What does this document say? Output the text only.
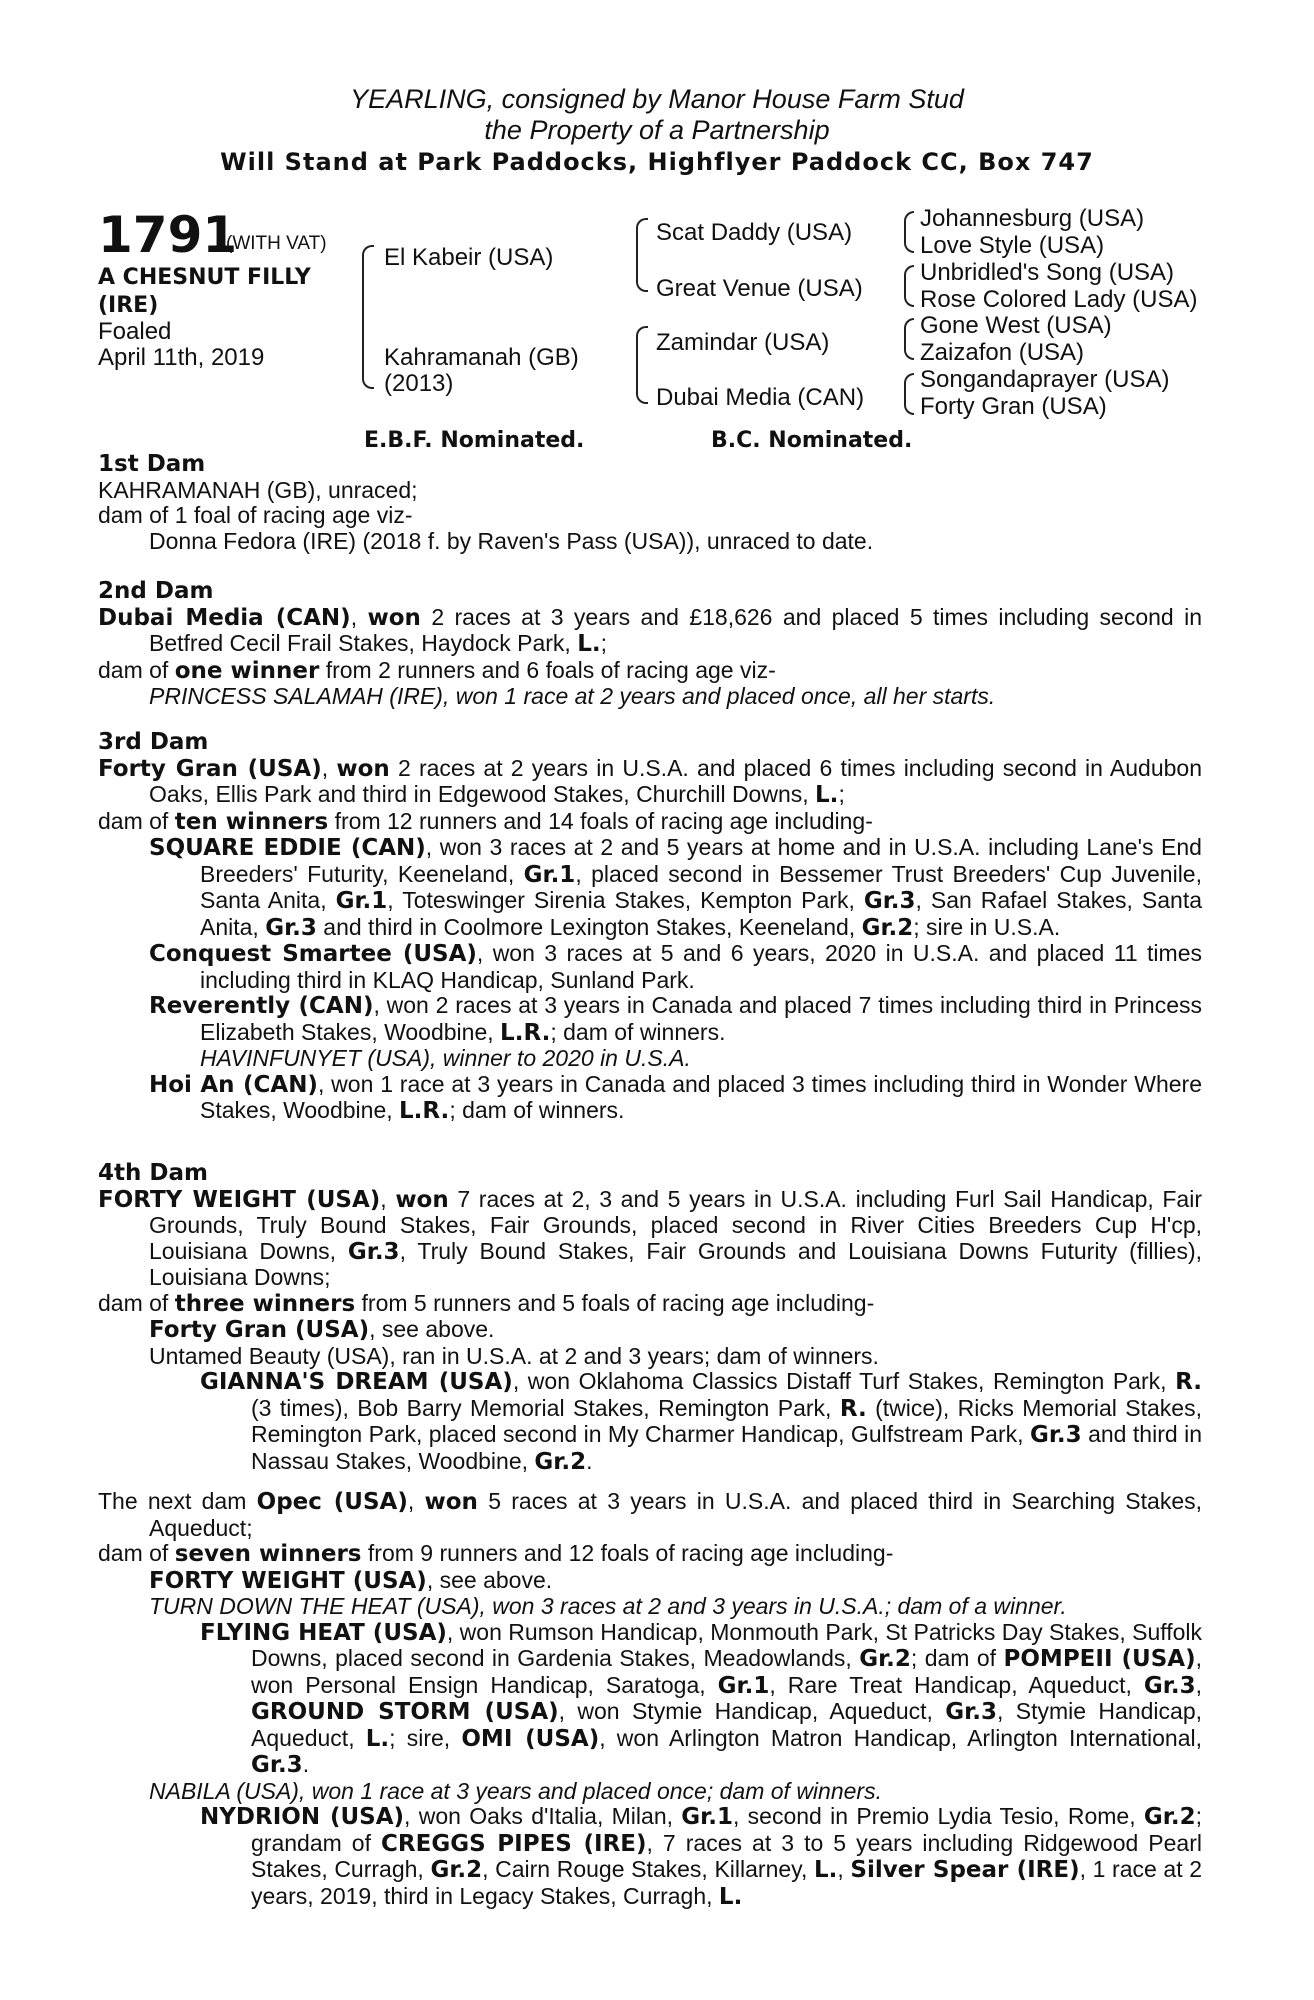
YEARLING, consigned by Manor House Farm Stud
the Property of a Partnership
Will Stand at Park Paddocks, Highflyer Paddock CC, Box 747
1791
(WITH VAT)
A CHESNUT FILLY
(IRE)
Foaled
April 11th, 2019
El Kabeir (USA)
Kahramanah (GB)
(2013)
Scat Daddy (USA)
Great Venue (USA)
Zamindar (USA)
Dubai Media (CAN)
Johannesburg (USA)
Love Style (USA)
Unbridled's Song (USA)
Rose Colored Lady (USA)
Gone West (USA)
Zaizafon (USA)
Songandaprayer (USA)
Forty Gran (USA)
E.B.F. Nominated.	B.C. Nominated.

1st Dam

KAHRAMANAH (GB), unraced;

dam of 1 foal of racing age viz-

Donna Fedora (IRE) (2018 f. by Raven's Pass (USA)), unraced to date.

2nd Dam

Dubai Media (CAN), won 2 races at 3 years and £18,626 and placed 5 times including second in Betfred Cecil Frail Stakes, Haydock Park, L.;

dam of one winner from 2 runners and 6 foals of racing age viz-

PRINCESS SALAMAH (IRE), won 1 race at 2 years and placed once, all her starts.

3rd Dam

Forty Gran (USA), won 2 races at 2 years in U.S.A. and placed 6 times including second in Audubon Oaks, Ellis Park and third in Edgewood Stakes, Churchill Downs, L.;

dam of ten winners from 12 runners and 14 foals of racing age including-

SQUARE EDDIE (CAN), won 3 races at 2 and 5 years at home and in U.S.A. including Lane's End Breeders' Futurity, Keeneland, Gr.1, placed second in Bessemer Trust Breeders' Cup Juvenile, Santa Anita, Gr.1, Toteswinger Sirenia Stakes, Kempton Park, Gr.3, San Rafael Stakes, Santa Anita, Gr.3 and third in Coolmore Lexington Stakes, Keeneland, Gr.2; sire in U.S.A.

Conquest Smartee (USA), won 3 races at 5 and 6 years, 2020 in U.S.A. and placed 11 times including third in KLAQ Handicap, Sunland Park.

Reverently (CAN), won 2 races at 3 years in Canada and placed 7 times including third in Princess Elizabeth Stakes, Woodbine, L.R.; dam of winners.

HAVINFUNYET (USA), winner to 2020 in U.S.A.

Hoi An (CAN), won 1 race at 3 years in Canada and placed 3 times including third in Wonder Where Stakes, Woodbine, L.R.; dam of winners.

4th Dam

FORTY WEIGHT (USA), won 7 races at 2, 3 and 5 years in U.S.A. including Furl Sail Handicap, Fair Grounds, Truly Bound Stakes, Fair Grounds, placed second in River Cities Breeders Cup H'cp, Louisiana Downs, Gr.3, Truly Bound Stakes, Fair Grounds and Louisiana Downs Futurity (fillies), Louisiana Downs;

dam of three winners from 5 runners and 5 foals of racing age including-

Forty Gran (USA), see above.

Untamed Beauty (USA), ran in U.S.A. at 2 and 3 years; dam of winners.

GIANNA'S DREAM (USA), won Oklahoma Classics Distaff Turf Stakes, Remington Park, R. (3 times), Bob Barry Memorial Stakes, Remington Park, R. (twice), Ricks Memorial Stakes, Remington Park, placed second in My Charmer Handicap, Gulfstream Park, Gr.3 and third in Nassau Stakes, Woodbine, Gr.2.

The next dam Opec (USA), won 5 races at 3 years in U.S.A. and placed third in Searching Stakes, Aqueduct;

dam of seven winners from 9 runners and 12 foals of racing age including-

FORTY WEIGHT (USA), see above.

TURN DOWN THE HEAT (USA), won 3 races at 2 and 3 years in U.S.A.; dam of a winner.

FLYING HEAT (USA), won Rumson Handicap, Monmouth Park, St Patricks Day Stakes, Suffolk Downs, placed second in Gardenia Stakes, Meadowlands, Gr.2; dam of POMPEII (USA), won Personal Ensign Handicap, Saratoga, Gr.1, Rare Treat Handicap, Aqueduct, Gr.3, GROUND STORM (USA), won Stymie Handicap, Aqueduct, Gr.3, Stymie Handicap, Aqueduct, L.; sire, OMI (USA), won Arlington Matron Handicap, Arlington International, Gr.3.

NABILA (USA), won 1 race at 3 years and placed once; dam of winners.

NYDRION (USA), won Oaks d'Italia, Milan, Gr.1, second in Premio Lydia Tesio, Rome, Gr.2; grandam of CREGGS PIPES (IRE), 7 races at 3 to 5 years including Ridgewood Pearl Stakes, Curragh, Gr.2, Cairn Rouge Stakes, Killarney, L., Silver Spear (IRE), 1 race at 2 years, 2019, third in Legacy Stakes, Curragh, L.
